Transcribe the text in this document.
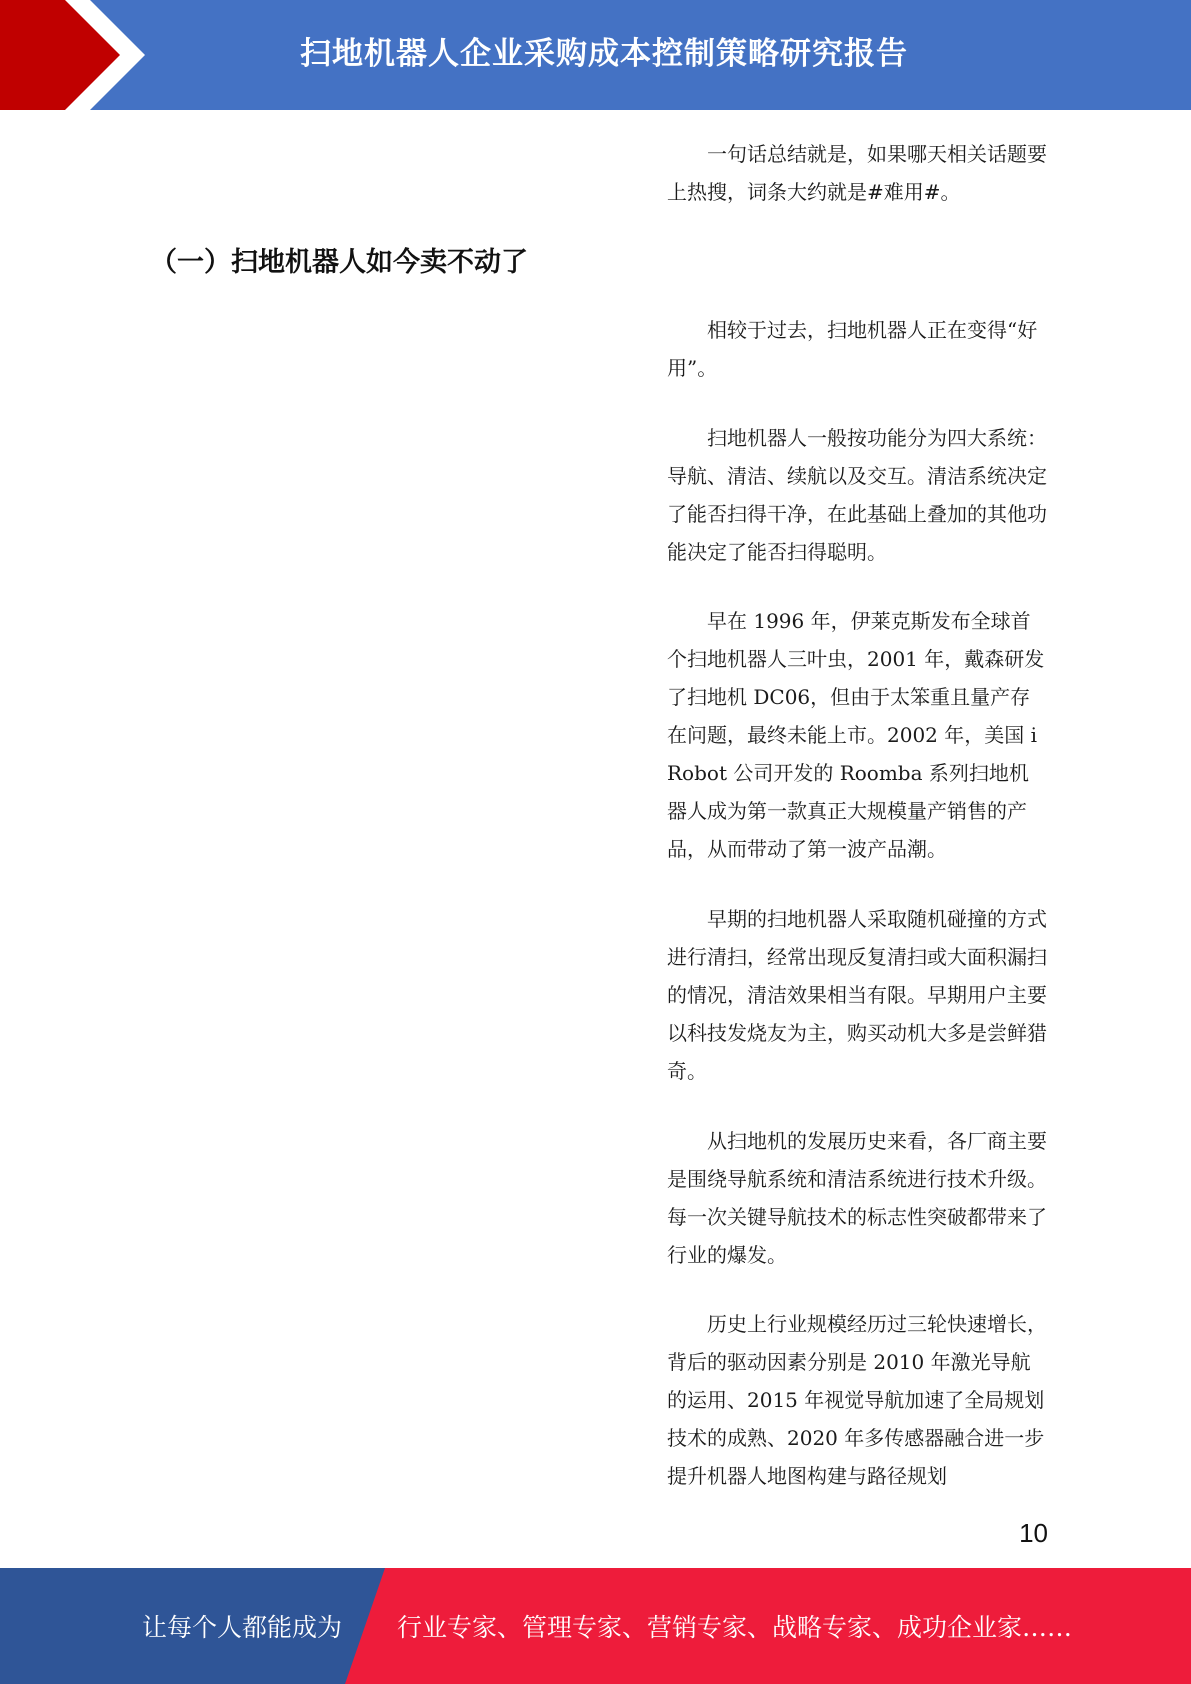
扫地机器人企业采购成本控制策略研究报告
（一）扫地机器人如今卖不动了

一句话总结就是，如果哪天相关话题要上热搜，词条大约就是#难用#。

相较于过去，扫地机器人正在变得“好用”。

扫地机器人一般按功能分为四大系统：导航、清洁、续航以及交互。清洁系统决定了能否扫得干净，在此基础上叠加的其他功能决定了能否扫得聪明。

早在 1996 年，伊莱克斯发布全球首个扫地机器人三叶虫，2001 年，戴森研发了扫地机 DC06，但由于太笨重且量产存在问题，最终未能上市。2002 年，美国 iRobot 公司开发的 Roomba 系列扫地机器人成为第一款真正大规模量产销售的产品，从而带动了第一波产品潮。

早期的扫地机器人采取随机碰撞的方式进行清扫，经常出现反复清扫或大面积漏扫的情况，清洁效果相当有限。早期用户主要以科技发烧友为主，购买动机大多是尝鲜猎奇。

从扫地机的发展历史来看，各厂商主要是围绕导航系统和清洁系统进行技术升级。每一次关键导航技术的标志性突破都带来了行业的爆发。

历史上行业规模经历过三轮快速增长，背后的驱动因素分别是 2010 年激光导航的运用、2015 年视觉导航加速了全局规划技术的成熟、2020 年多传感器融合进一步提升机器人地图构建与路径规划

10
让每个人都能成为 行业专家、管理专家、营销专家、战略专家、成功企业家……
